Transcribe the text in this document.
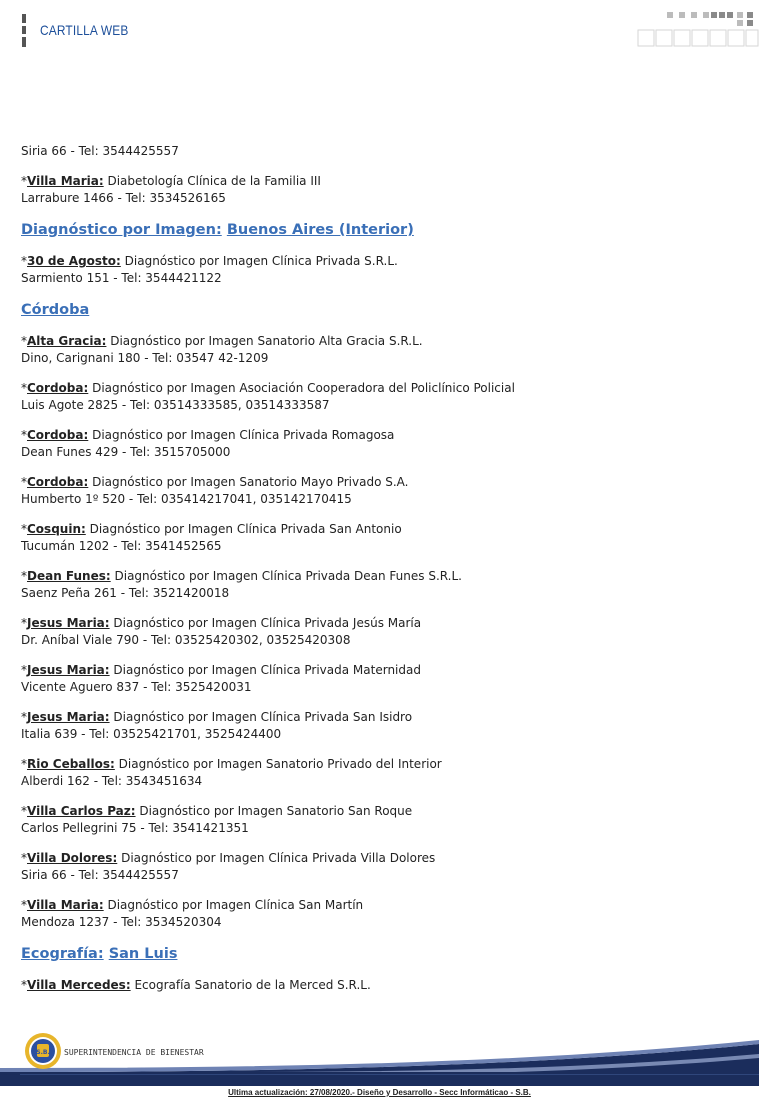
CARTILLA WEB
Siria 66 - Tel: 3544425557
*Villa Maria: Diabetología Clínica de la Familia III
Larrabure 1466 - Tel: 3534526165
Diagnóstico por Imagen: Buenos Aires (Interior)
*30 de Agosto: Diagnóstico por Imagen Clínica Privada S.R.L.
Sarmiento 151 - Tel: 3544421122
Córdoba
*Alta Gracia: Diagnóstico por Imagen Sanatorio Alta Gracia S.R.L.
Dino, Carignani 180 - Tel: 03547 42-1209
*Cordoba: Diagnóstico por Imagen Asociación Cooperadora del Policlínico Policial
Luis Agote 2825 - Tel: 03514333585, 03514333587
*Cordoba: Diagnóstico por Imagen Clínica Privada Romagosa
Dean Funes 429 - Tel: 3515705000
*Cordoba: Diagnóstico por Imagen Sanatorio Mayo Privado S.A.
Humberto 1º 520 - Tel: 035414217041, 035142170415
*Cosquin: Diagnóstico por Imagen Clínica Privada San Antonio
Tucumán 1202 - Tel: 3541452565
*Dean Funes: Diagnóstico por Imagen Clínica Privada Dean Funes S.R.L.
Saenz Peña 261 - Tel: 3521420018
*Jesus Maria: Diagnóstico por Imagen Clínica Privada Jesús María
Dr. Aníbal Viale 790 - Tel: 03525420302, 03525420308
*Jesus Maria: Diagnóstico por Imagen Clínica Privada Maternidad
Vicente Aguero 837 - Tel: 3525420031
*Jesus Maria: Diagnóstico por Imagen Clínica Privada San Isidro
Italia 639 - Tel: 03525421701, 3525424400
*Rio Ceballos: Diagnóstico por Imagen Sanatorio Privado del Interior
Alberdi 162 - Tel: 3543451634
*Villa Carlos Paz: Diagnóstico por Imagen Sanatorio San Roque
Carlos Pellegrini 75 - Tel: 3541421351
*Villa Dolores: Diagnóstico por Imagen Clínica Privada Villa Dolores
Siria 66 - Tel: 3544425557
*Villa Maria: Diagnóstico por Imagen Clínica San Martín
Mendoza 1237 - Tel: 3534520304
Ecografía: San Luis
*Villa Mercedes: Ecografía Sanatorio de la Merced S.R.L.
S.B. SUPERINTENDENCIA DE BIENESTAR
Ultima actualización: 27/08/2020.- Diseño y Desarrollo - Secc Informáticao - S.B.
